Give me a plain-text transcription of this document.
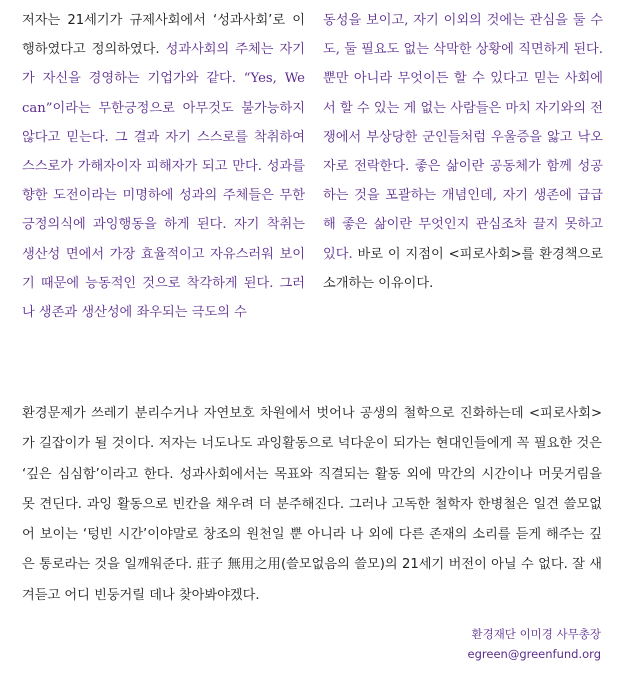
저자는 21세기가 규제사회에서 ‘성과사회’로 이행하였다고 정의하였다. 성과사회의 주체는 자기가 자신을 경영하는 기업가와 같다. “Yes, We can”이라는 무한긍정으로 아무것도 불가능하지 않다고 믿는다. 그 결과 자기 스스로를 착취하여 스스로가 가해자이자 피해자가 되고 만다. 성과를 향한 도전이라는 미명하에 성과의 주체들은 무한긍정의식에 과잉행동을 하게 된다. 자기 착취는 생산성 면에서 가장 효율적이고 자유스러워 보이기 때문에 능동적인 것으로 착각하게 된다. 그러나 생존과 생산성에 좌우되는 극도의 수

동성을 보이고, 자기 이외의 것에는 관심을 둘 수도, 둘 필요도 없는 삭막한 상황에 직면하게 된다. 뿐만 아니라 무엇이든 할 수 있다고 믿는 사회에서 할 수 있는 게 없는 사람들은 마치 자기와의 전쟁에서 부상당한 군인들처럼 우울증을 앓고 낙오자로 전락한다. 좋은 삶이란 공동체가 함께 성공하는 것을 포괄하는 개념인데, 자기 생존에 급급해 좋은 삶이란 무엇인지 관심조차 끌지 못하고 있다. 바로 이 지점이 <피로사회>를 환경책으로 소개하는 이유이다.

환경문제가 쓰레기 분리수거나 자연보호 차원에서 벗어나 공생의 철학으로 진화하는데 <피로사회>가 길잡이가 될 것이다. 저자는 너도나도 과잉활동으로 넉다운이 되가는 현대인들에게 꼭 필요한 것은 ‘깊은 심심함’이라고 한다. 성과사회에서는 목표와 직결되는 활동 외에 막간의 시간이나 머뭇거림을 못 견딘다. 과잉 활동으로 빈칸을 채우려 더 분주해진다. 그러나 고독한 철학자 한병철은 일견 쓸모없어 보이는 ‘텅빈 시간’이야말로 창조의 원천일 뿐 아니라 나 외에 다른 존재의 소리를 듣게 해주는 깊은 통로라는 것을 일깨워준다. 莊子 無用之用(쓸모없음의 쓸모)의 21세기 버전이 아닐 수 없다. 잘 새겨듣고 어디 빈둥거릴 데나 찾아봐야겠다.

환경재단 이미경 사무총장
egreen@greenfund.org
